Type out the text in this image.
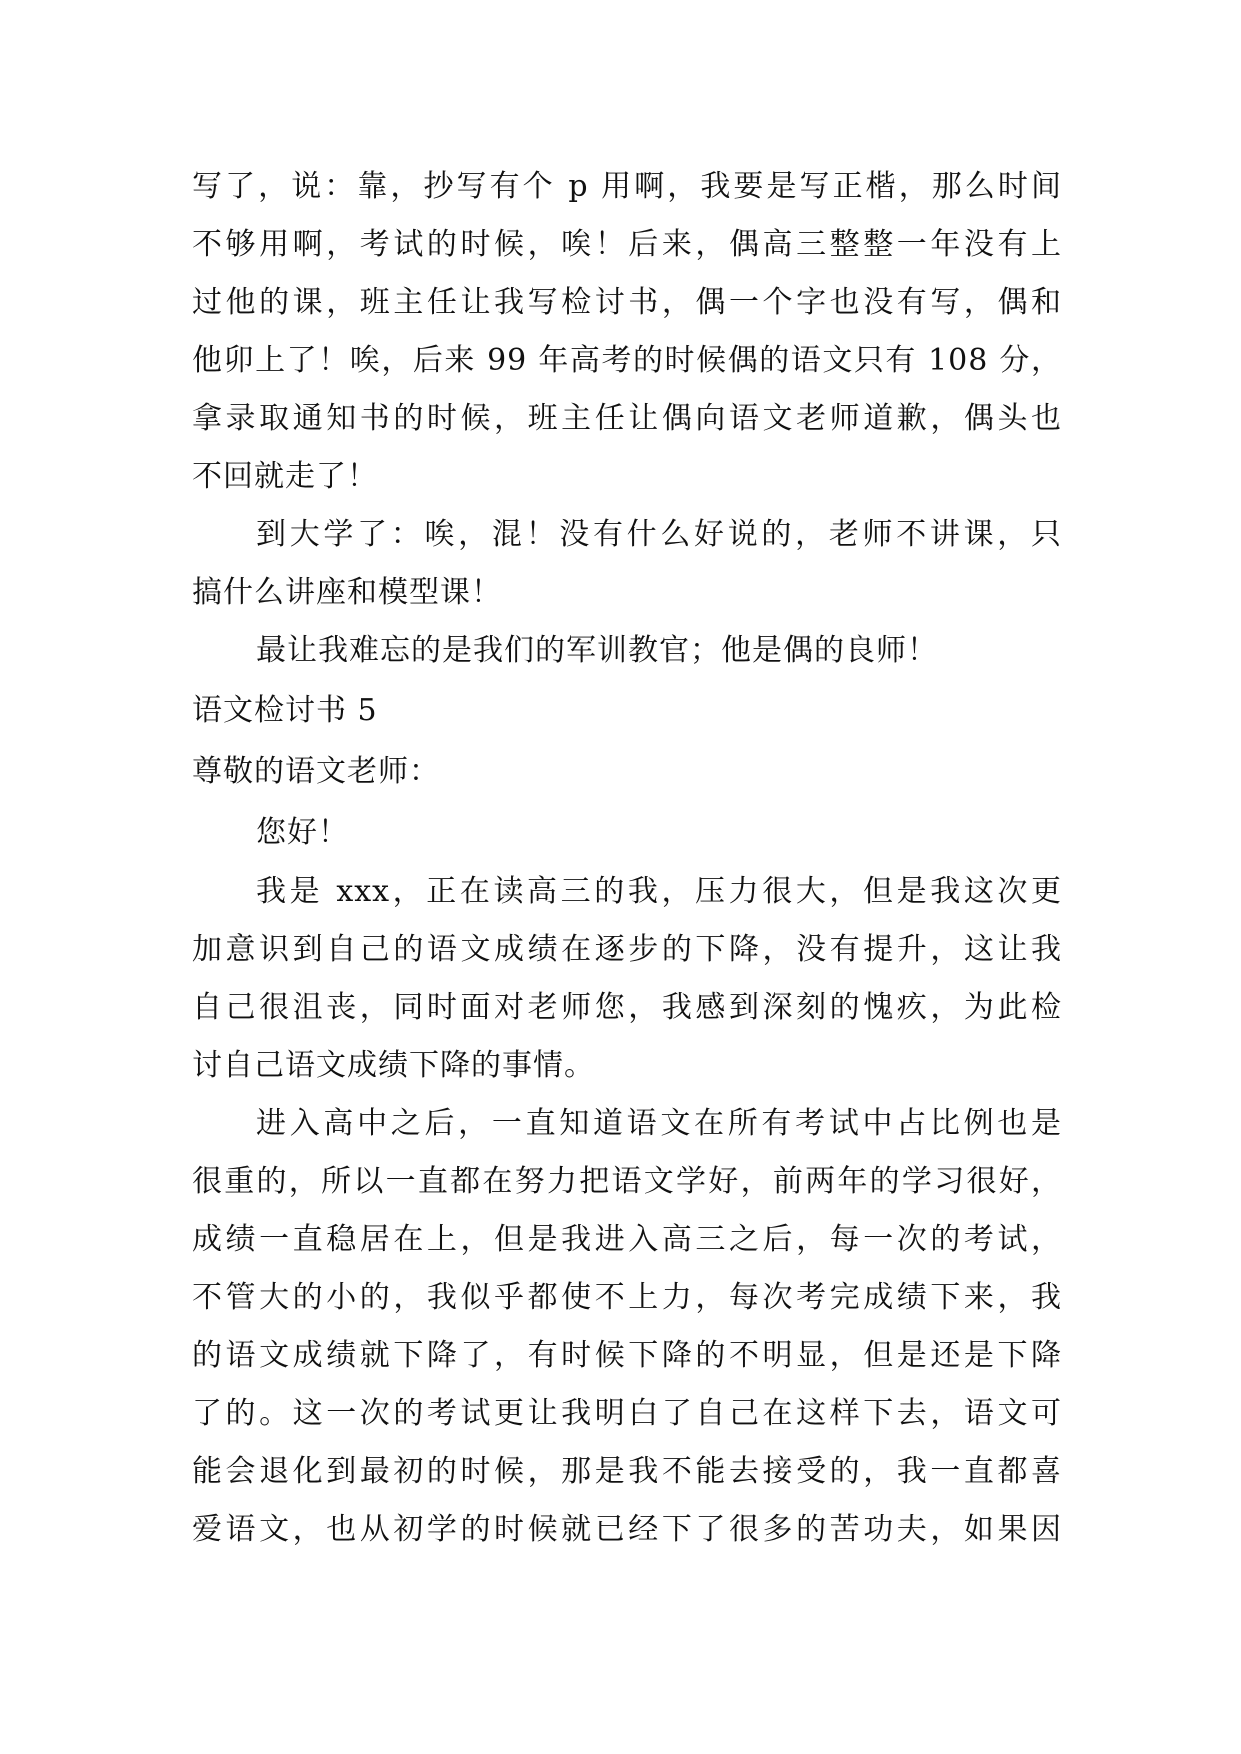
写了，说：靠，抄写有个 p 用啊，我要是写正楷，那么时间
不够用啊，考试的时候，唉！后来，偶高三整整一年没有上
过他的课，班主任让我写检讨书，偶一个字也没有写，偶和
他卯上了！唉，后来 99 年高考的时候偶的语文只有 108 分，
拿录取通知书的时候，班主任让偶向语文老师道歉，偶头也
不回就走了！
到大学了：唉，混！没有什么好说的，老师不讲课，只
搞什么讲座和模型课！
最让我难忘的是我们的军训教官；他是偶的良师！
语文检讨书 5
尊敬的语文老师：
您好！
我是 xxx，正在读高三的我，压力很大，但是我这次更
加意识到自己的语文成绩在逐步的下降，没有提升，这让我
自己很沮丧，同时面对老师您，我感到深刻的愧疚，为此检
讨自己语文成绩下降的事情。
进入高中之后，一直知道语文在所有考试中占比例也是
很重的，所以一直都在努力把语文学好，前两年的学习很好，
成绩一直稳居在上，但是我进入高三之后，每一次的考试，
不管大的小的，我似乎都使不上力，每次考完成绩下来，我
的语文成绩就下降了，有时候下降的不明显，但是还是下降
了的。这一次的考试更让我明白了自己在这样下去，语文可
能会退化到最初的时候，那是我不能去接受的，我一直都喜
爱语文，也从初学的时候就已经下了很多的苦功夫，如果因
